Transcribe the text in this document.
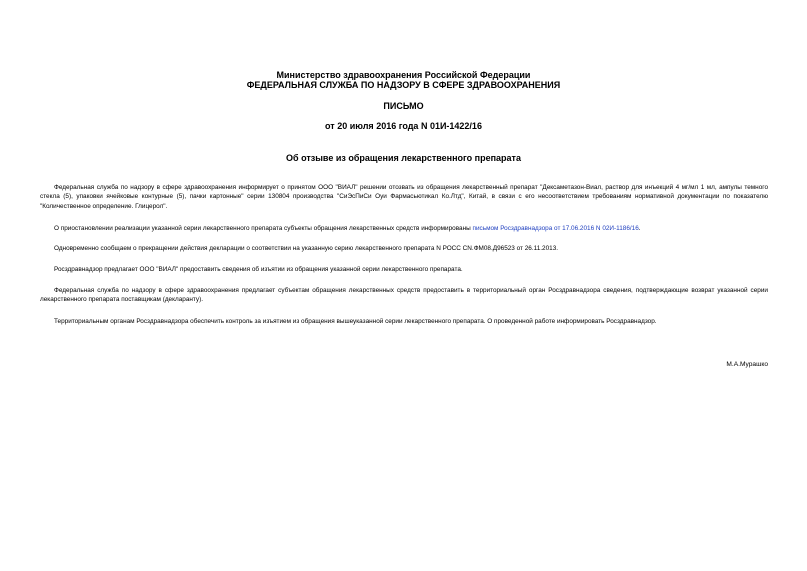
Министерство здравоохранения Российской Федерации
ФЕДЕРАЛЬНАЯ СЛУЖБА ПО НАДЗОРУ В СФЕРЕ ЗДРАВООХРАНЕНИЯ
ПИСЬМО
от 20 июля 2016 года N 01И-1422/16
Об отзыве из обращения лекарственного препарата

Федеральная служба по надзору в сфере здравоохранения информирует о принятом ООО "ВИАЛ" решении отозвать из обращения лекарственный препарат "Дексаметазон-Виал, раствор для инъекций 4 мг/мл 1 мл, ампулы темного стекла (5), упаковки ячейковые контурные (5), пачки картонные" серии 130804 производства "СиЭсПиСи Оуи Фармасьютикал Ко.Лтд", Китай, в связи с его несоответствием требованиям нормативной документации по показателю "Количественное определение. Глицерол".

О приостановлении реализации указанной серии лекарственного препарата субъекты обращения лекарственных средств информированы письмом Росздравнадзора от 17.06.2016 N 02И-1186/16.

Одновременно сообщаем о прекращении действия декларации о соответствии на указанную серию лекарственного препарата N РОСС CN.ФМ08.Д96523 от 26.11.2013.

Росздравнадзор предлагает ООО "ВИАЛ" предоставить сведения об изъятии из обращения указанной серии лекарственного препарата.

Федеральная служба по надзору в сфере здравоохранения предлагает субъектам обращения лекарственных средств предоставить в территориальный орган Росздравнадзора сведения, подтверждающие возврат указанной серии лекарственного препарата поставщикам (декларанту).

Территориальным органам Росздравнадзора обеспечить контроль за изъятием из обращения вышеуказанной серии лекарственного препарата. О проведенной работе информировать Росздравнадзор.

М.А.Мурашко
